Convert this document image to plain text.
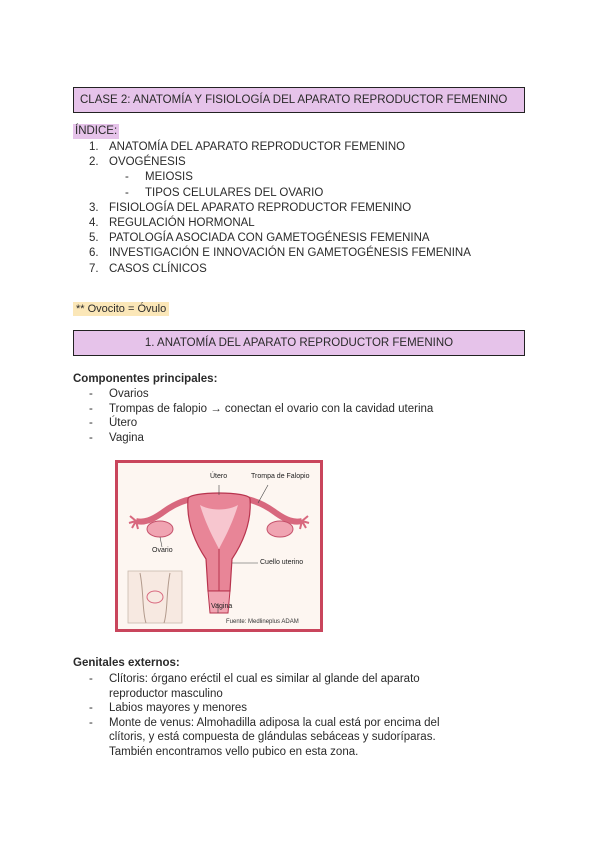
CLASE 2: ANATOMÍA Y FISIOLOGÍA DEL APARATO REPRODUCTOR FEMENINO
ÍNDICE:
1. ANATOMÍA DEL APARATO REPRODUCTOR FEMENINO
2. OVOGÉNESIS
-	MEIOSIS
-	TIPOS CELULARES DEL OVARIO
3. FISIOLOGÍA DEL APARATO REPRODUCTOR FEMENINO
4. REGULACIÓN HORMONAL
5. PATOLOGÍA ASOCIADA CON GAMETOGÉNESIS FEMENINA
6. INVESTIGACIÓN E INNOVACIÓN EN GAMETOGÉNESIS FEMENINA
7. CASOS CLÍNICOS
** Ovocito = Óvulo
1. ANATOMÍA DEL APARATO REPRODUCTOR FEMENINO
Componentes principales:
- Ovarios
- Trompas de falopio → conectan el ovario con la cavidad uterina
- Útero
- Vagina
Útero	Trompa de Falopio
Ovario
Cuello uterino
Vagina
Fuente: Medlineplus ADAM
Genitales externos:
- Clítoris: órgano eréctil el cual es similar al glande del aparato
reproductor masculino
- Labios mayores y menores
- Monte de venus: Almohadilla adiposa la cual está por encima del
clítoris, y está compuesta de glándulas sebáceas y sudoríparas.
También encontramos vello pubico en esta zona.
